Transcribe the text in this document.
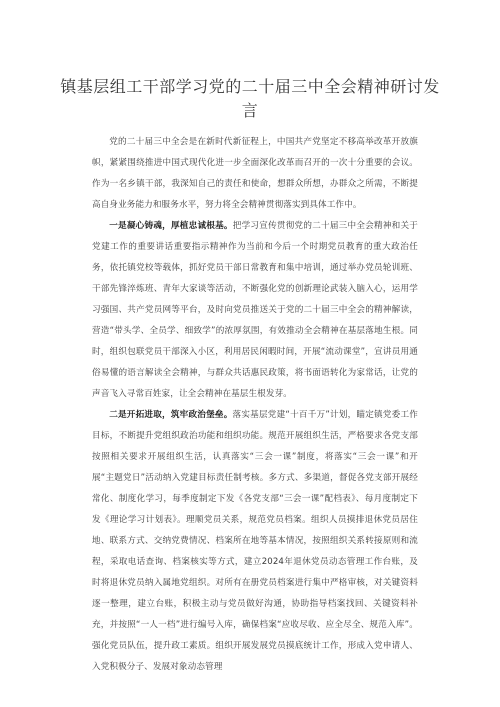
镇基层组工干部学习党的二十届三中全会精神研讨发言

党的二十届三中全会是在新时代新征程上，中国共产党坚定不移高举改革开放旗帜，紧紧围绕推进中国式现代化进一步全面深化改革而召开的一次十分重要的会议。作为一名乡镇干部，我深知自己的责任和使命，想群众所想，办群众之所需，不断提高自身业务能力和服务水平，努力将全会精神贯彻落实到具体工作中。

一是凝心铸魂，厚植忠诚根基。把学习宣传贯彻党的二十届三中全会精神和关于党建工作的重要讲话重要指示精神作为当前和今后一个时期党员教育的重大政治任务，依托镇党校等载体，抓好党员干部日常教育和集中培训，通过举办党员轮训班、干部先锋淬炼班、青年大家谈等活动，不断强化党的创新理论武装入脑入心，运用学习强国、共产党员网等平台，及时向党员推送关于党的二十届三中全会的精神解读，营造“带头学、全员学、细致学”的浓厚氛围，有效推动全会精神在基层落地生根。同时，组织包联党员干部深入小区，利用居民闲暇时间，开展“流动课堂”，宣讲员用通俗易懂的语言解读全会精神，与群众共话惠民政策，将书面语转化为家常话，让党的声音飞入寻常百姓家，让全会精神在基层生根发芽。

二是开拓进取，筑牢政治堡垒。落实基层党建“十百千万”计划，瞄定镇党委工作目标，不断提升党组织政治功能和组织功能。规范开展组织生活，严格要求各党支部按照相关要求开展组织生活，认真落实“三会一课”制度，将落实“三会一课”和开展“主题党日”活动纳入党建目标责任制考核。多方式、多渠道，督促各党支部开展经常化、制度化学习，每季度制定下发《各党支部“三会一课”配档表》、每月度制定下发《理论学习计划表》。理顺党员关系，规范党员档案。组织人员摸排退休党员居住地、联系方式、交纳党费情况、档案所在地等基本情况，按照组织关系转接原则和流程，采取电话查询、档案核实等方式，建立2024年退休党员动态管理工作台账，及时将退休党员纳入属地党组织。对所有在册党员档案进行集中严格审核，对关键资料逐一整理，建立台账，积极主动与党员做好沟通，协助指导档案找回、关键资料补充，并按照“一人一档”进行编号入库，确保档案“应收尽收、应全尽全、规范入库”。强化党员队伍，提升政工素质。组织开展发展党员摸底统计工作，形成入党申请人、入党积极分子、发展对象动态管理
